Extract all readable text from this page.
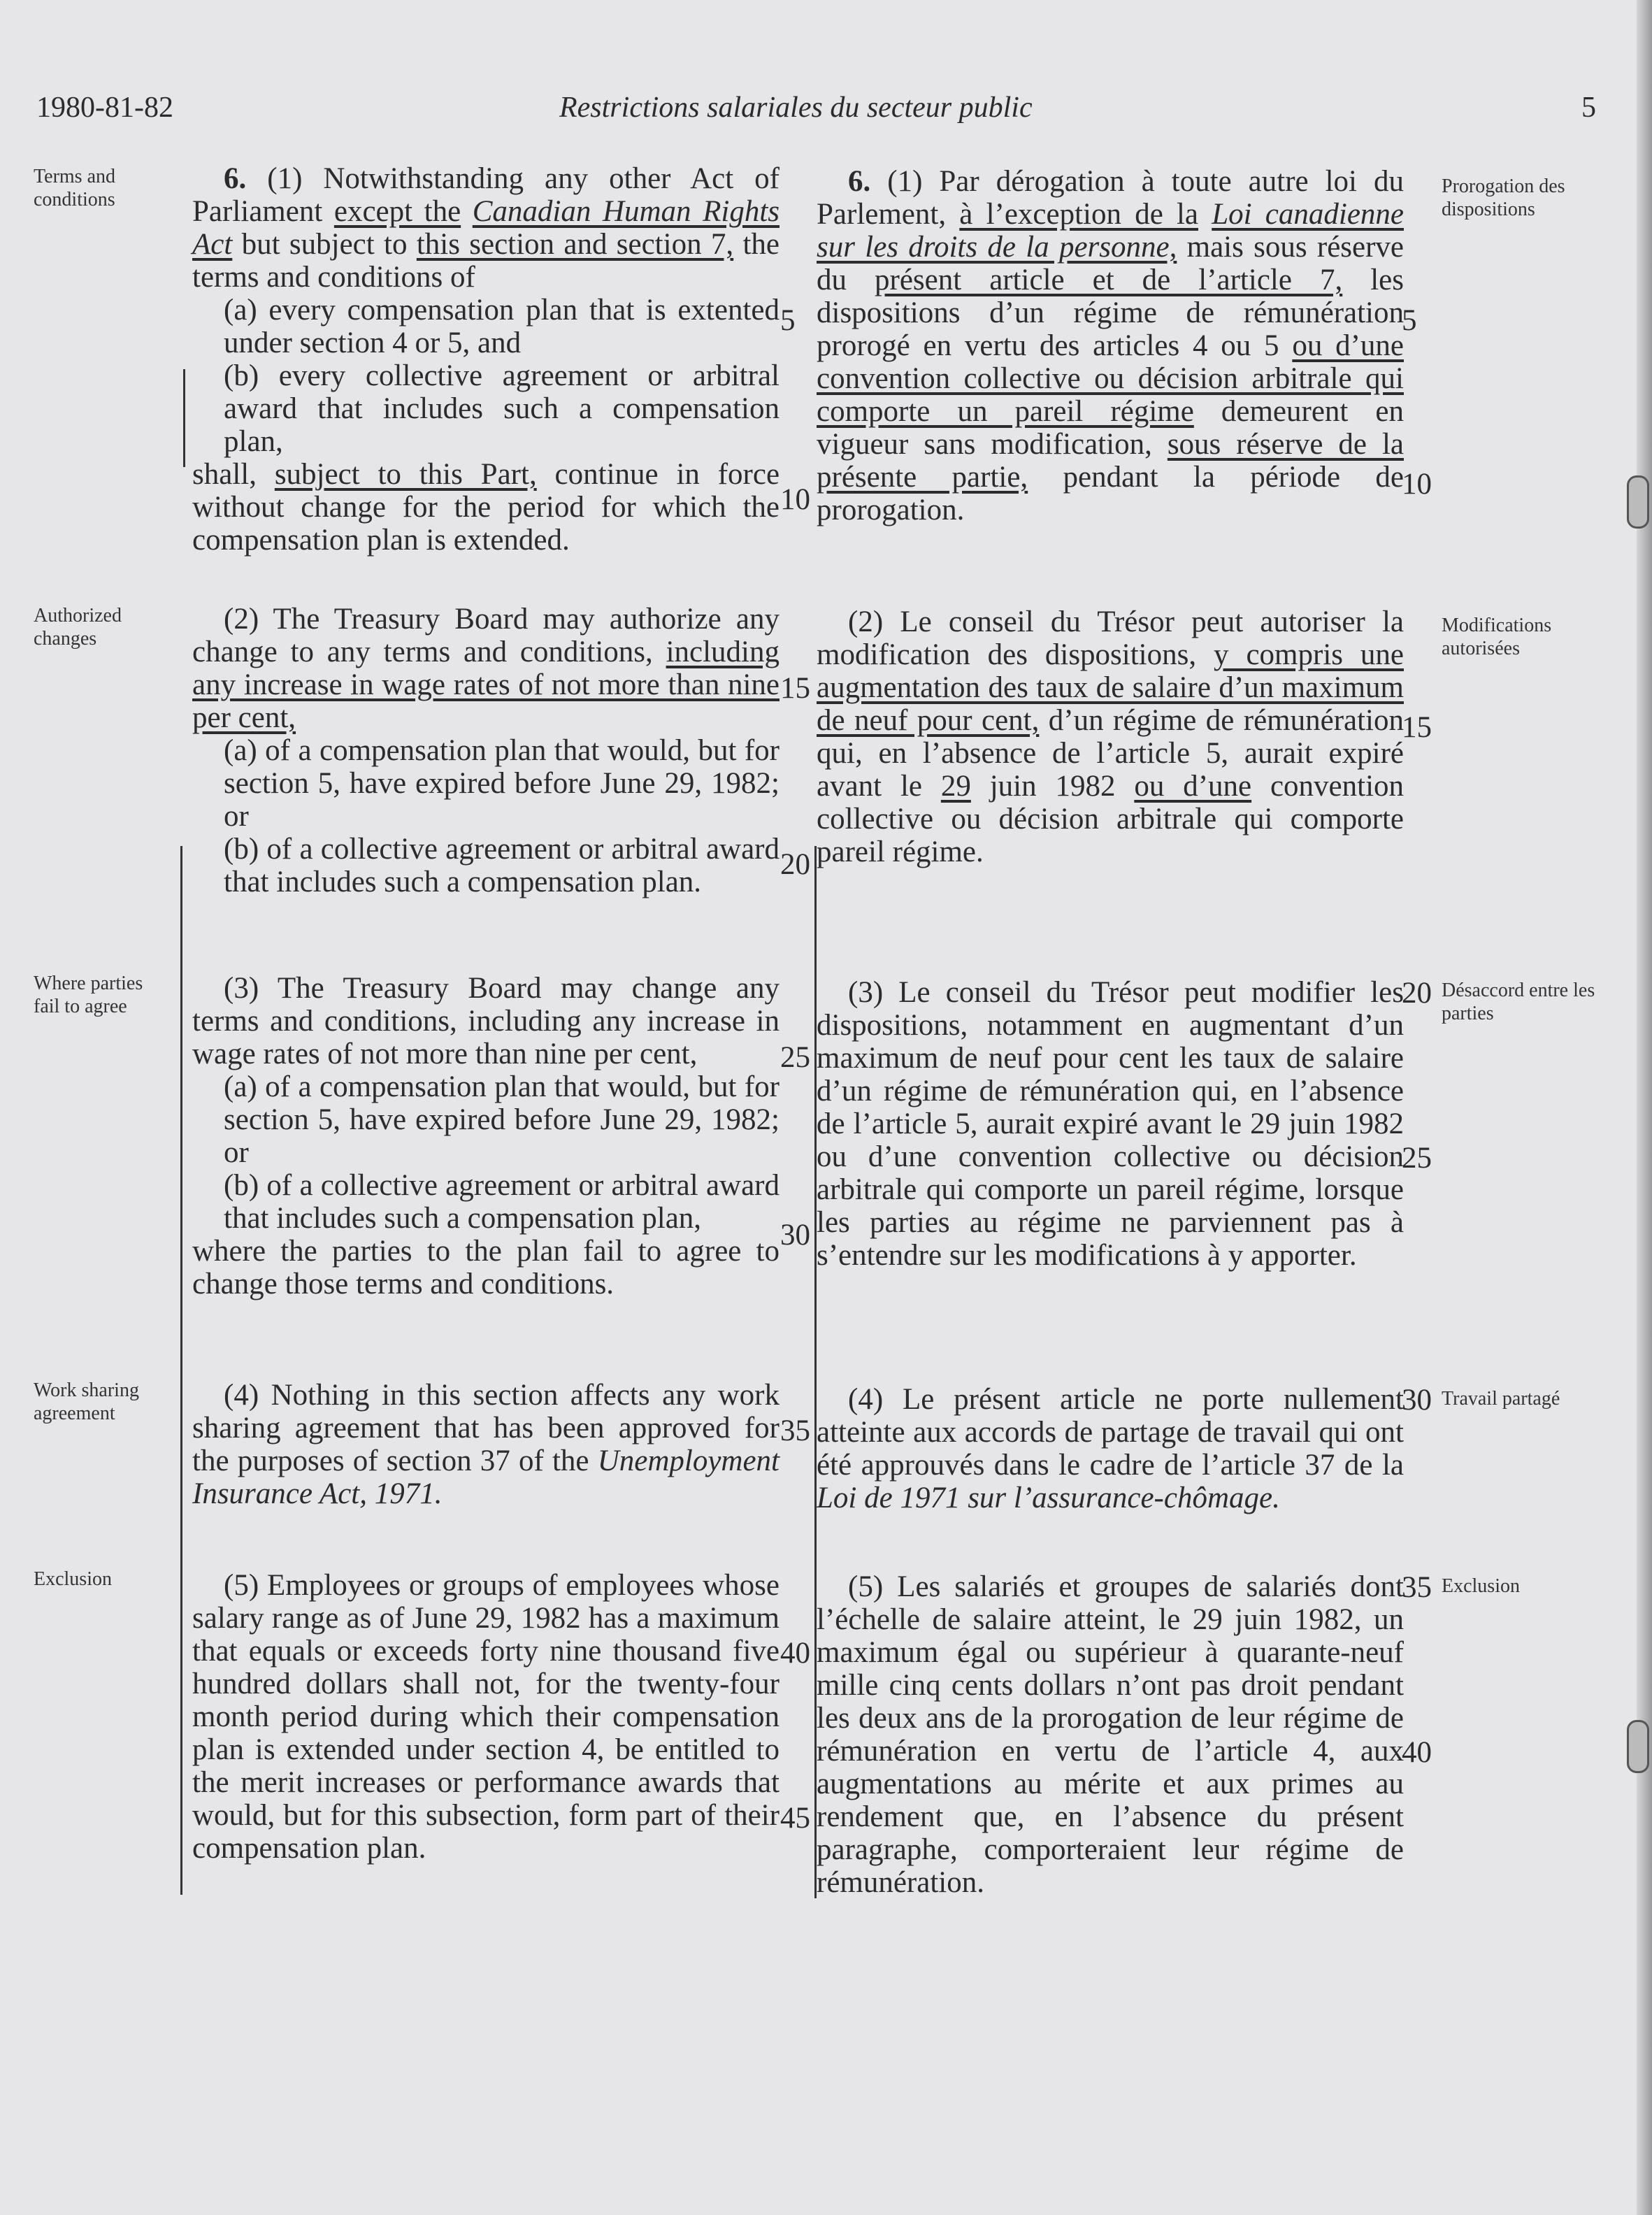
1980-81-82	Restrictions salariales du secteur public	5
Terms and conditions
Authorized changes
Where parties fail to agree
Work sharing agreement
Exclusion
Prorogation des dispositions
Modifications autorisées
Désaccord entre les parties
Travail partagé
Exclusion

6. (1) Notwithstanding any other Act of Parliament except the Canadian Human Rights Act but subject to this section and section 7, the terms and conditions of

(a) every compensation plan that is extented under section 4 or 5, and

(b) every collective agreement or arbitral award that includes such a compensation plan,

shall, subject to this Part, continue in force without change for the period for which the compensation plan is extended.

(2) The Treasury Board may authorize any change to any terms and conditions, including any increase in wage rates of not more than nine per cent,

(a) of a compensation plan that would, but for section 5, have expired before June 29, 1982; or

(b) of a collective agreement or arbitral award that includes such a compensation plan.

(3) The Treasury Board may change any terms and conditions, including any increase in wage rates of not more than nine per cent,

(a) of a compensation plan that would, but for section 5, have expired before June 29, 1982; or

(b) of a collective agreement or arbitral award that includes such a compensation plan,

where the parties to the plan fail to agree to change those terms and conditions.

(4) Nothing in this section affects any work sharing agreement that has been approved for the purposes of section 37 of the Unemployment Insurance Act, 1971.

(5) Employees or groups of employees whose salary range as of June 29, 1982 has a maximum that equals or exceeds forty nine thousand five hundred dollars shall not, for the twenty-four month period during which their compensation plan is extended under section 4, be entitled to the merit increases or performance awards that would, but for this subsection, form part of their compensation plan.

6. (1) Par dérogation à toute autre loi du Parlement, à l’exception de la Loi canadienne sur les droits de la personne, mais sous réserve du présent article et de l’article 7, les dispositions d’un régime de rémunération prorogé en vertu des articles 4 ou 5 ou d’une convention collective ou décision arbitrale qui comporte un pareil régime demeurent en vigueur sans modification, sous réserve de la présente partie, pendant la période de prorogation.

(2) Le conseil du Trésor peut autoriser la modification des dispositions, y compris une augmentation des taux de salaire d’un maximum de neuf pour cent, d’un régime de rémunération qui, en l’absence de l’article 5, aurait expiré avant le 29 juin 1982 ou d’une convention collective ou décision arbitrale qui comporte pareil régime.

(3) Le conseil du Trésor peut modifier les dispositions, notamment en augmentant d’un maximum de neuf pour cent les taux de salaire d’un régime de rémunération qui, en l’absence de l’article 5, aurait expiré avant le 29 juin 1982 ou d’une convention collective ou décision arbitrale qui comporte un pareil régime, lorsque les parties au régime ne parviennent pas à s’entendre sur les modifications à y apporter.

(4) Le présent article ne porte nullement atteinte aux accords de partage de travail qui ont été approuvés dans le cadre de l’article 37 de la Loi de 1971 sur l’assurance-chômage.

(5) Les salariés et groupes de salariés dont l’échelle de salaire atteint, le 29 juin 1982, un maximum égal ou supérieur à quarante-neuf mille cinq cents dollars n’ont pas droit pendant les deux ans de la prorogation de leur régime de rémunération en vertu de l’article 4, aux augmentations au mérite et aux primes au rendement que, en l’absence du présent paragraphe, comporteraient leur régime de rémunération.

5
10
15
20
25
30
35
40
45
5
10
15
20
25
30
35
40
